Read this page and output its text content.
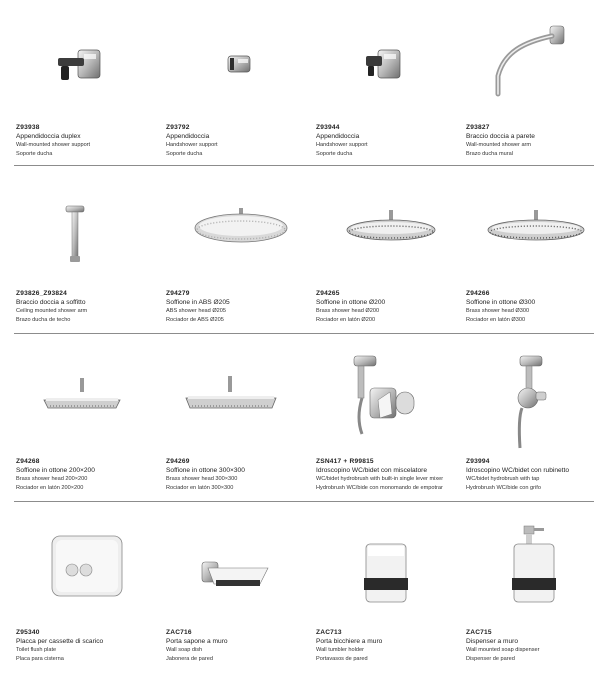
Z93938
Appendidoccia duplex
Wall-mounted shower support
Soporte ducha
Z93792
Appendidoccia
Handshower support
Soporte ducha
Z93944
Appendidoccia
Handshower support
Soporte ducha
Z93827
Braccio doccia a parete
Wall-mounted shower arm
Brazo ducha mural
Z93826_Z93824
Braccio doccia a soffitto
Ceiling mounted shower arm
Brazo ducha de techo
Z94279
Soffione in ABS Ø205
ABS shower head Ø205
Rociador de ABS Ø205
Z94265
Soffione in ottone Ø200
Brass shower head Ø200
Rociador en latón Ø200
Z94266
Soffione in ottone Ø300
Brass shower head Ø300
Rociador en latón Ø300
Z94268
Soffione in ottone 200×200
Brass shower head 200×200
Rociador en latón 200×200
Z94269
Soffione in ottone 300×300
Brass shower head 300×300
Rociador en latón 300×300
ZSN417 + R99815
Idroscopino WC/bidet con miscelatore
WC/bidet hydrobrush with built-in single lever mixer
Hydrobrush WC/bide con monomando de empotrar
Z93994
Idroscopino WC/bidet con rubinetto
WC/bidet hydrobrush with tap
Hydrobrush WC/bide con grifo
Z95340
Placca per cassette di scarico
Toilet flush plate
Placa para cisterna
ZAC716
Porta sapone a muro
Wall soap dish
Jabonera de pared
ZAC713
Porta bicchiere a muro
Wall tumbler holder
Portavasos de pared
ZAC715
Dispenser a muro
Wall mounted soap dispenser
Dispenser de pared
